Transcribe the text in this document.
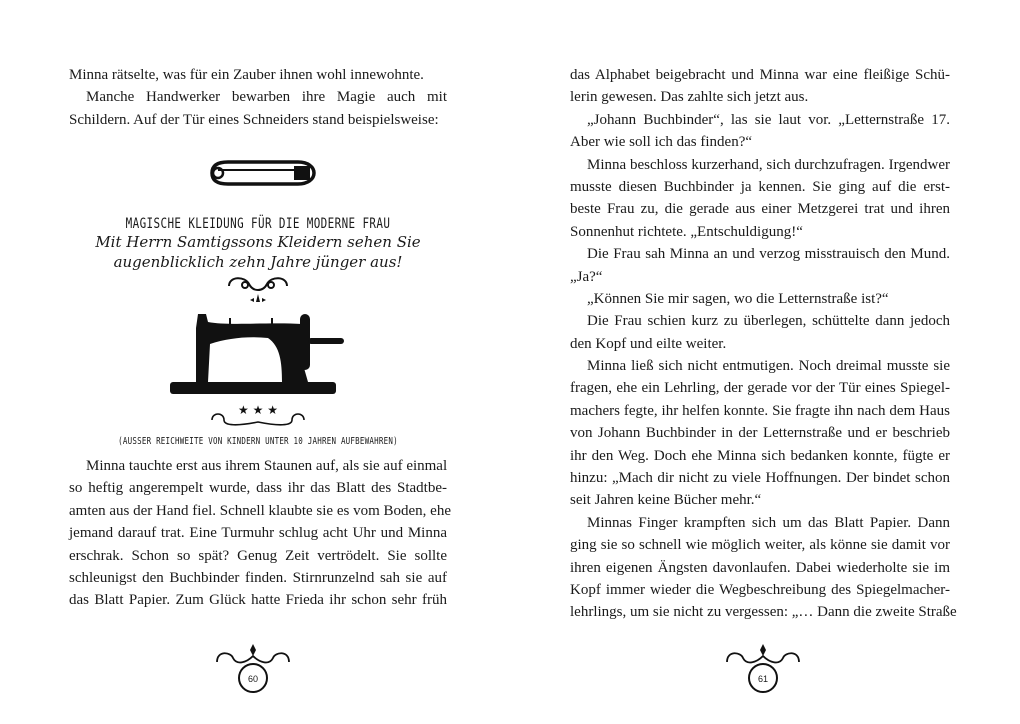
Minna rätselte, was für ein Zauber ihnen wohl innewohnte.
Manche Handwerker bewarben ihre Magie auch mit
Schildern. Auf der Tür eines Schneiders stand beispielsweise:
MAGISCHE KLEIDUNG FÜR DIE MODERNE FRAU
Mit Herrn Samtigssons Kleidern sehen Sie
augenblicklich zehn Jahre jünger aus!
★ ★ ★
(AUSSER REICHWEITE VON KINDERN UNTER 10 JAHREN AUFBEWAHREN)
Minna tauchte erst aus ihrem Staunen auf, als sie auf einmal
so heftig angerempelt wurde, dass ihr das Blatt des Stadtbe-
amten aus der Hand fiel. Schnell klaubte sie es vom Boden, ehe
jemand darauf trat. Eine Turmuhr schlug acht Uhr und Minna
erschrak. Schon so spät? Genug Zeit vertrödelt. Sie sollte
schleunigst den Buchbinder finden. Stirnrunzelnd sah sie auf
das Blatt Papier. Zum Glück hatte Frieda ihr schon sehr früh
60
das Alphabet beigebracht und Minna war eine fleißige Schü-
lerin gewesen. Das zahlte sich jetzt aus.
„Johann Buchbinder“, las sie laut vor. „Letternstraße 17.
Aber wie soll ich das finden?“
Minna beschloss kurzerhand, sich durchzufragen. Irgendwer
musste diesen Buchbinder ja kennen. Sie ging auf die erst-
beste Frau zu, die gerade aus einer Metzgerei trat und ihren
Sonnenhut richtete. „Entschuldigung!“
Die Frau sah Minna an und verzog misstrauisch den Mund.
„Ja?“
„Können Sie mir sagen, wo die Letternstraße ist?“
Die Frau schien kurz zu überlegen, schüttelte dann jedoch
den Kopf und eilte weiter.
Minna ließ sich nicht entmutigen. Noch dreimal musste sie
fragen, ehe ein Lehrling, der gerade vor der Tür eines Spiegel-
machers fegte, ihr helfen konnte. Sie fragte ihn nach dem Haus
von Johann Buchbinder in der Letternstraße und er beschrieb
ihr den Weg. Doch ehe Minna sich bedanken konnte, fügte er
hinzu: „Mach dir nicht zu viele Hoffnungen. Der bindet schon
seit Jahren keine Bücher mehr.“
Minnas Finger krampften sich um das Blatt Papier. Dann
ging sie so schnell wie möglich weiter, als könne sie damit vor
ihren eigenen Ängsten davonlaufen. Dabei wiederholte sie im
Kopf immer wieder die Wegbeschreibung des Spiegelmacher-
lehrlings, um sie nicht zu vergessen: „… Dann die zweite Straße
61
